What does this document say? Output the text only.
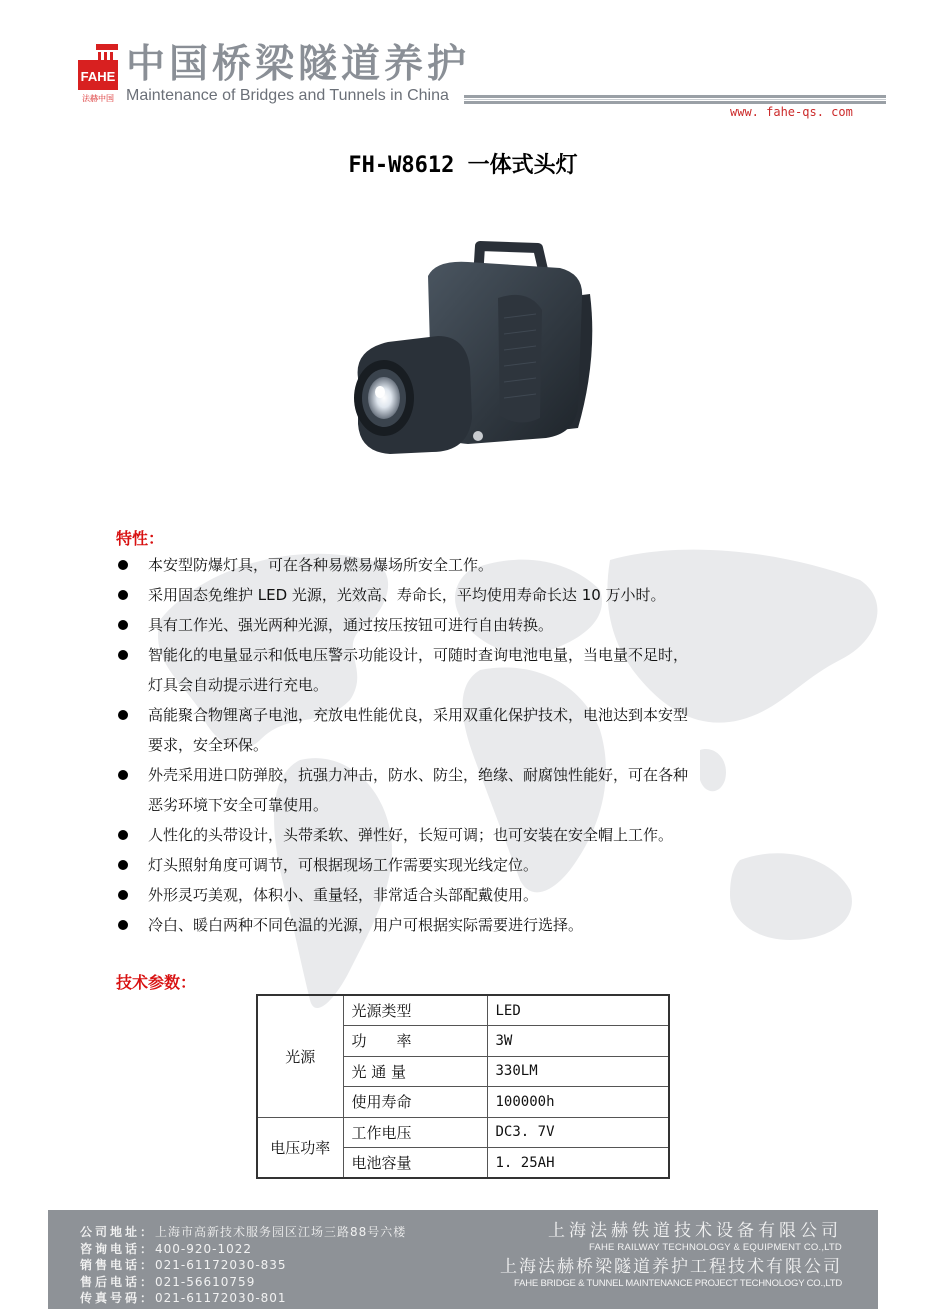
FAHE
法赫中国
中国桥梁隧道养护
Maintenance of Bridges and Tunnels in China
www. fahe-qs. com
FH-W8612 一体式头灯
特性：
本安型防爆灯具，可在各种易燃易爆场所安全工作。
采用固态免维护 LED 光源，光效高、寿命长，平均使用寿命长达 10 万小时。
具有工作光、强光两种光源，通过按压按钮可进行自由转换。
智能化的电量显示和低电压警示功能设计，可随时查询电池电量，当电量不足时，
灯具会自动提示进行充电。
高能聚合物锂离子电池，充放电性能优良，采用双重化保护技术，电池达到本安型
要求，安全环保。
外壳采用进口防弹胶，抗强力冲击，防水、防尘，绝缘、耐腐蚀性能好，可在各种
恶劣环境下安全可靠使用。
人性化的头带设计，头带柔软、弹性好，长短可调；也可安装在安全帽上工作。
灯头照射角度可调节，可根据现场工作需要实现光线定位。
外形灵巧美观，体积小、重量轻，非常适合头部配戴使用。
冷白、暖白两种不同色温的光源，用户可根据实际需要进行选择。
技术参数：
光源	光源类型	LED
	功　　率	3W
	光 通 量	330LM
	使用寿命	100000h
电压功率	工作电压	DC3. 7V
	电池容量	1. 25AH
公司地址：上海市高新技术服务园区江场三路88号六楼
咨询电话：400-920-1022
销售电话：021-61172030-835
售后电话：021-56610759
传真号码：021-61172030-801
上海法赫铁道技术设备有限公司
FAHE RAILWAY TECHNOLOGY & EQUIPMENT CO.,LTD
上海法赫桥梁隧道养护工程技术有限公司
FAHE BRIDGE & TUNNEL MAINTENANCE PROJECT TECHNOLOGY CO.,LTD
